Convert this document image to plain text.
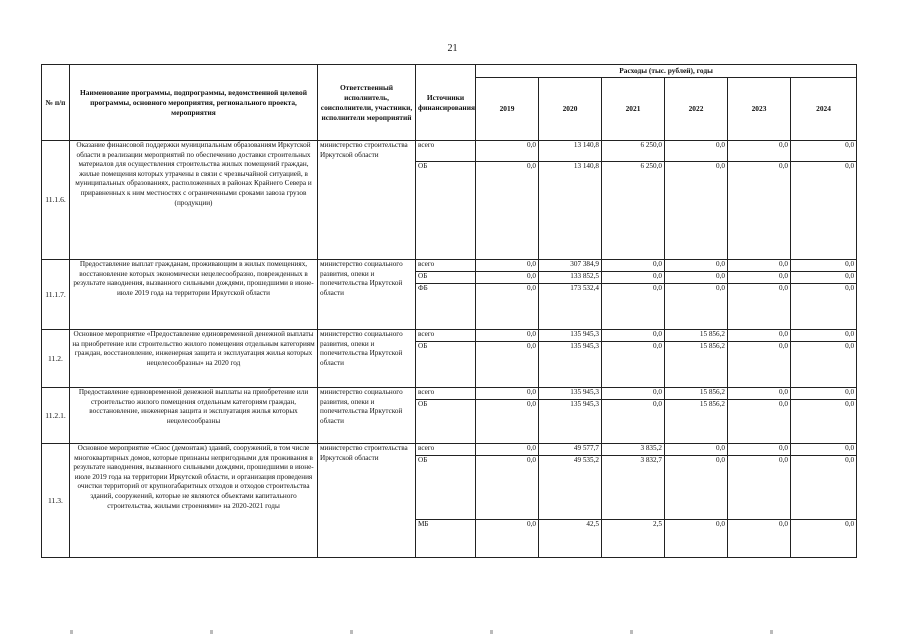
21
№ п/п	Наименование программы, подпрограммы, ведомственной целевой программы, основного мероприятия, регионального проекта, мероприятия	Ответственный исполнитель, соисполнители, участники, исполнители мероприятий	Источники финансирования	Расходы (тыс. рублей), годы					
				2019	2020	2021	2022	2023	2024
11.1.6.	Оказание финансовой поддержки муниципальным образованиям Иркутской области в реализации мероприятий по обеспечению доставки строительных материалов для осуществления строительства жилых помещений граждан, жилые помещения которых утрачены в связи с чрезвычайной ситуацией, в муниципальных образованиях, расположенных в районах Крайнего Севера и приравненных к ним местностях с ограниченными сроками завоза грузов (продукции)	министерство строительства Иркутской области	всего	0,0	13 140,8	6 250,0	0,0	0,0	0,0
			ОБ	0,0	13 140,8	6 250,0	0,0	0,0	0,0
11.1.7.	Предоставление выплат гражданам, проживающим в жилых помещениях, восстановление которых экономически нецелесообразно, поврежденных в результате наводнения, вызванного сильными дождями, прошедшими в июне-июле 2019 года на территории Иркутской области	министерство социального развития, опеки и попечительства Иркутской области	всего	0,0	307 384,9	0,0	0,0	0,0	0,0
			ОБ	0,0	133 852,5	0,0	0,0	0,0	0,0
			ФБ	0,0	173 532,4	0,0	0,0	0,0	0,0
11.2.	Основное мероприятие «Предоставление единовременной денежной выплаты на приобретение или строительство жилого помещения отдельным категориям граждан, восстановление, инженерная защита и эксплуатация жилья которых нецелесообразны» на 2020 год	министерство социального развития, опеки и попечительства Иркутской области	всего	0,0	135 945,3	0,0	15 856,2	0,0	0,0
			ОБ	0,0	135 945,3	0,0	15 856,2	0,0	0,0
11.2.1.	Предоставление единовременной денежной выплаты на приобретение или строительство жилого помещения отдельным категориям граждан, восстановление, инженерная защита и эксплуатация жилья которых нецелесообразны	министерство социального развития, опеки и попечительства Иркутской области	всего	0,0	135 945,3	0,0	15 856,2	0,0	0,0
			ОБ	0,0	135 945,3	0,0	15 856,2	0,0	0,0
11.3.	Основное мероприятие «Снос (демонтаж) зданий, сооружений, в том числе многоквартирных домов, которые признаны непригодными для проживания в результате наводнения, вызванного сильными дождями, прошедшими в июне-июле 2019 года на территории Иркутской области, и организация проведения очистки территорий от крупногабаритных отходов и отходов строительства зданий, сооружений, которые не являются объектами капитального строительства, жилыми строениями» на 2020-2021 годы	министерство строительства Иркутской области	всего	0,0	49 577,7	3 835,2	0,0	0,0	0,0
			ОБ	0,0	49 535,2	3 832,7	0,0	0,0	0,0
			МБ	0,0	42,5	2,5	0,0	0,0	0,0
